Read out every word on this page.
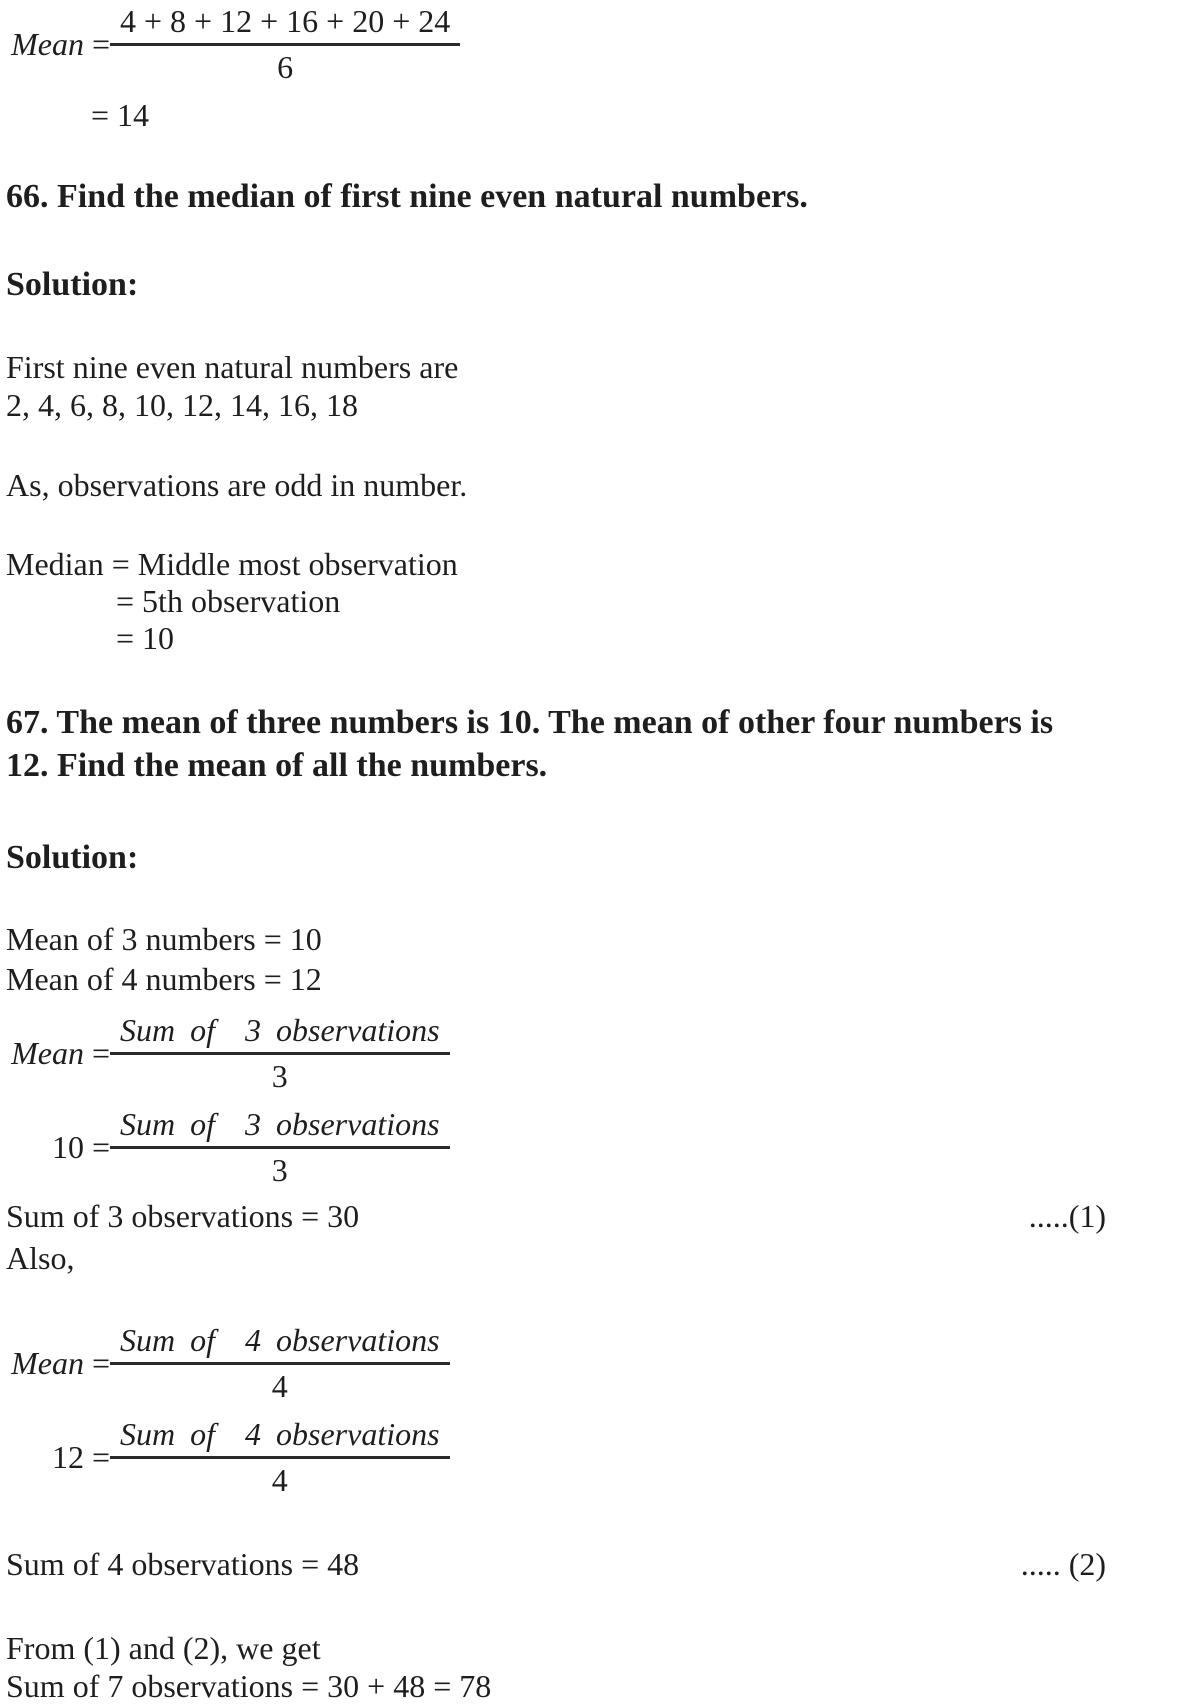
Mean
= $\frac{4 + 8 + 12 + 16 + 20 + 24}{6}$
= 14
66. Find the median of first nine even natural numbers.
Solution:
First nine even natural numbers are
2, 4, 6, 8, 10, 12, 14, 16, 18
As, observations are odd in number.
Median = Middle most observation
= 5th observation
= 10
67. The mean of three numbers is 10. The mean of other four numbers is
12. Find the mean of all the numbers.
Solution:
Mean of 3 numbers = 10
Mean of 4 numbers = 12
Mean
= $\frac{\text{Sum of  3 observations}}{3}$
10
= $\frac{\text{Sum of  3 observations}}{3}$
Sum of 3 observations = 30	.....(1)
Also,
Mean
= $\frac{\text{Sum of  4 observations}}{4}$
12
= $\frac{\text{Sum of  4 observations}}{4}$
Sum of 4 observations = 48	..... (2)
From (1) and (2), we get
Sum of 7 observations = 30 + 48 = 78
